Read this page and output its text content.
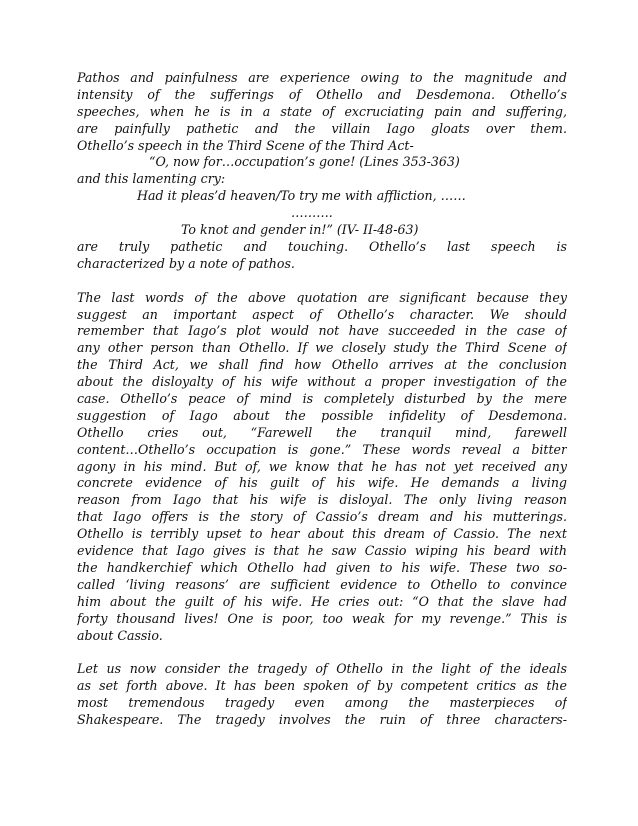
Pathos and painfulness are experience owing to the magnitude and
intensity of the sufferings of Othello and Desdemona. Othello’s
speeches, when he is in a state of excruciating pain and suffering,
are painfully pathetic and the villain Iago gloats over them.
Othello’s speech in the Third Scene of the Third Act-
“O, now for…occupation’s gone! (Lines 353-363)
and this lamenting cry:
Had it pleas’d heaven/To try me with affliction, ……
……….
To knot and gender in!” (IV- II-48-63)
are truly pathetic and touching. Othello’s last speech is
characterized by a note of pathos.
The last words of the above quotation are significant because they
suggest an important aspect of Othello’s character. We should
remember that Iago’s plot would not have succeeded in the case of
any other person than Othello. If we closely study the Third Scene of
the Third Act, we shall find how Othello arrives at the conclusion
about the disloyalty of his wife without a proper investigation of the
case. Othello’s peace of mind is completely disturbed by the mere
suggestion of Iago about the possible infidelity of Desdemona.
Othello cries out, “Farewell the tranquil mind, farewell
content…Othello’s occupation is gone.” These words reveal a bitter
agony in his mind. But of, we know that he has not yet received any
concrete evidence of his guilt of his wife. He demands a living
reason from Iago that his wife is disloyal. The only living reason
that Iago offers is the story of Cassio’s dream and his mutterings.
Othello is terribly upset to hear about this dream of Cassio. The next
evidence that Iago gives is that he saw Cassio wiping his beard with
the handkerchief which Othello had given to his wife. These two so-
called ‘living reasons’ are sufficient evidence to Othello to convince
him about the guilt of his wife. He cries out: “O that the slave had
forty thousand lives! One is poor, too weak for my revenge.” This is
about Cassio.
Let us now consider the tragedy of Othello in the light of the ideals
as set forth above. It has been spoken of by competent critics as the
most tremendous tragedy even among the masterpieces of
Shakespeare. The tragedy involves the ruin of three characters-
